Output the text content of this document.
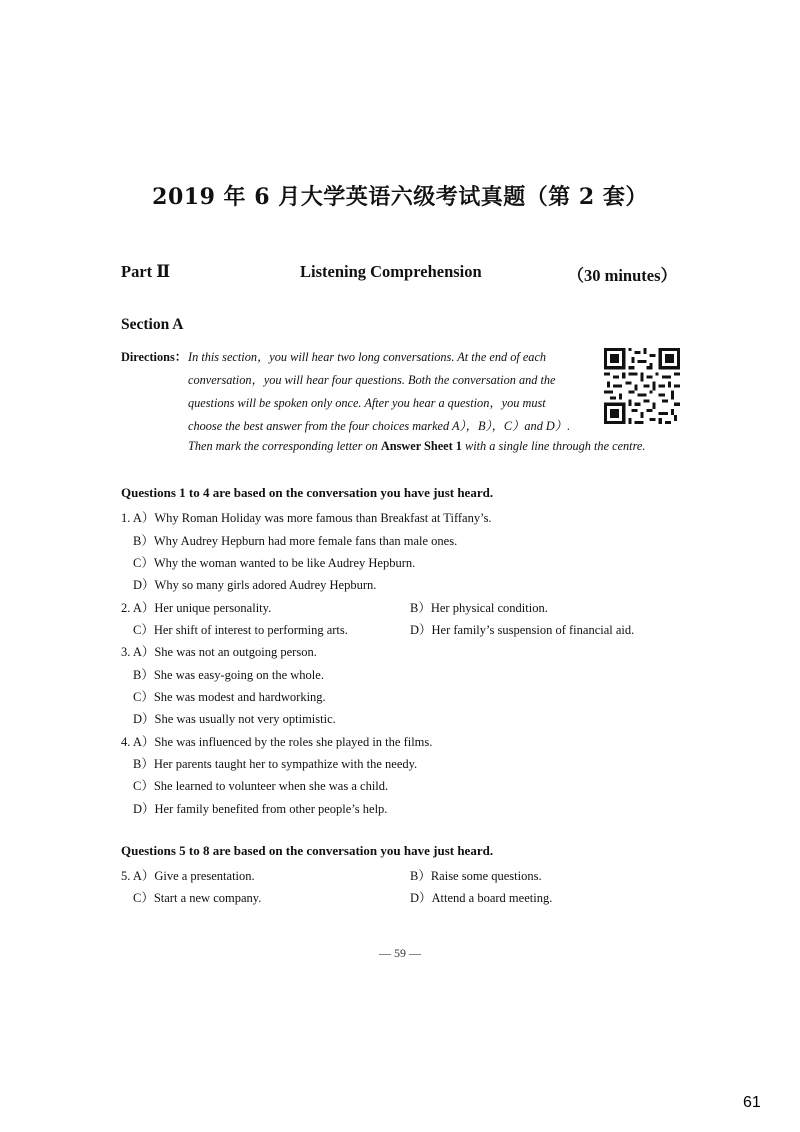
2019 年 6 月大学英语六级考试真题（第 2 套）
Part Ⅱ	Listening Comprehension	（30 minutes）
Section A
Directions： In this section，you will hear two long conversations. At the end of each
conversation，you will hear four questions. Both the conversation and the
questions will be spoken only once. After you hear a question，you must
choose the best answer from the four choices marked A），B），C）and D）.
Then mark the corresponding letter on Answer Sheet 1 with a single line through the centre.
Questions 1 to 4 are based on the conversation you have just heard.
1. A）Why Roman Holiday was more famous than Breakfast at Tiffany’s.
B）Why Audrey Hepburn had more female fans than male ones.
C）Why the woman wanted to be like Audrey Hepburn.
D）Why so many girls adored Audrey Hepburn.
2. A）Her unique personality.	B）Her physical condition.
C）Her shift of interest to performing arts.	D）Her family’s suspension of financial aid.
3. A）She was not an outgoing person.
B）She was easy-going on the whole.
C）She was modest and hardworking.
D）She was usually not very optimistic.
4. A）She was influenced by the roles she played in the films.
B）Her parents taught her to sympathize with the needy.
C）She learned to volunteer when she was a child.
D）Her family benefited from other people’s help.
Questions 5 to 8 are based on the conversation you have just heard.
5. A）Give a presentation.	B）Raise some questions.
C）Start a new company.	D）Attend a board meeting.
— 59 —
61
